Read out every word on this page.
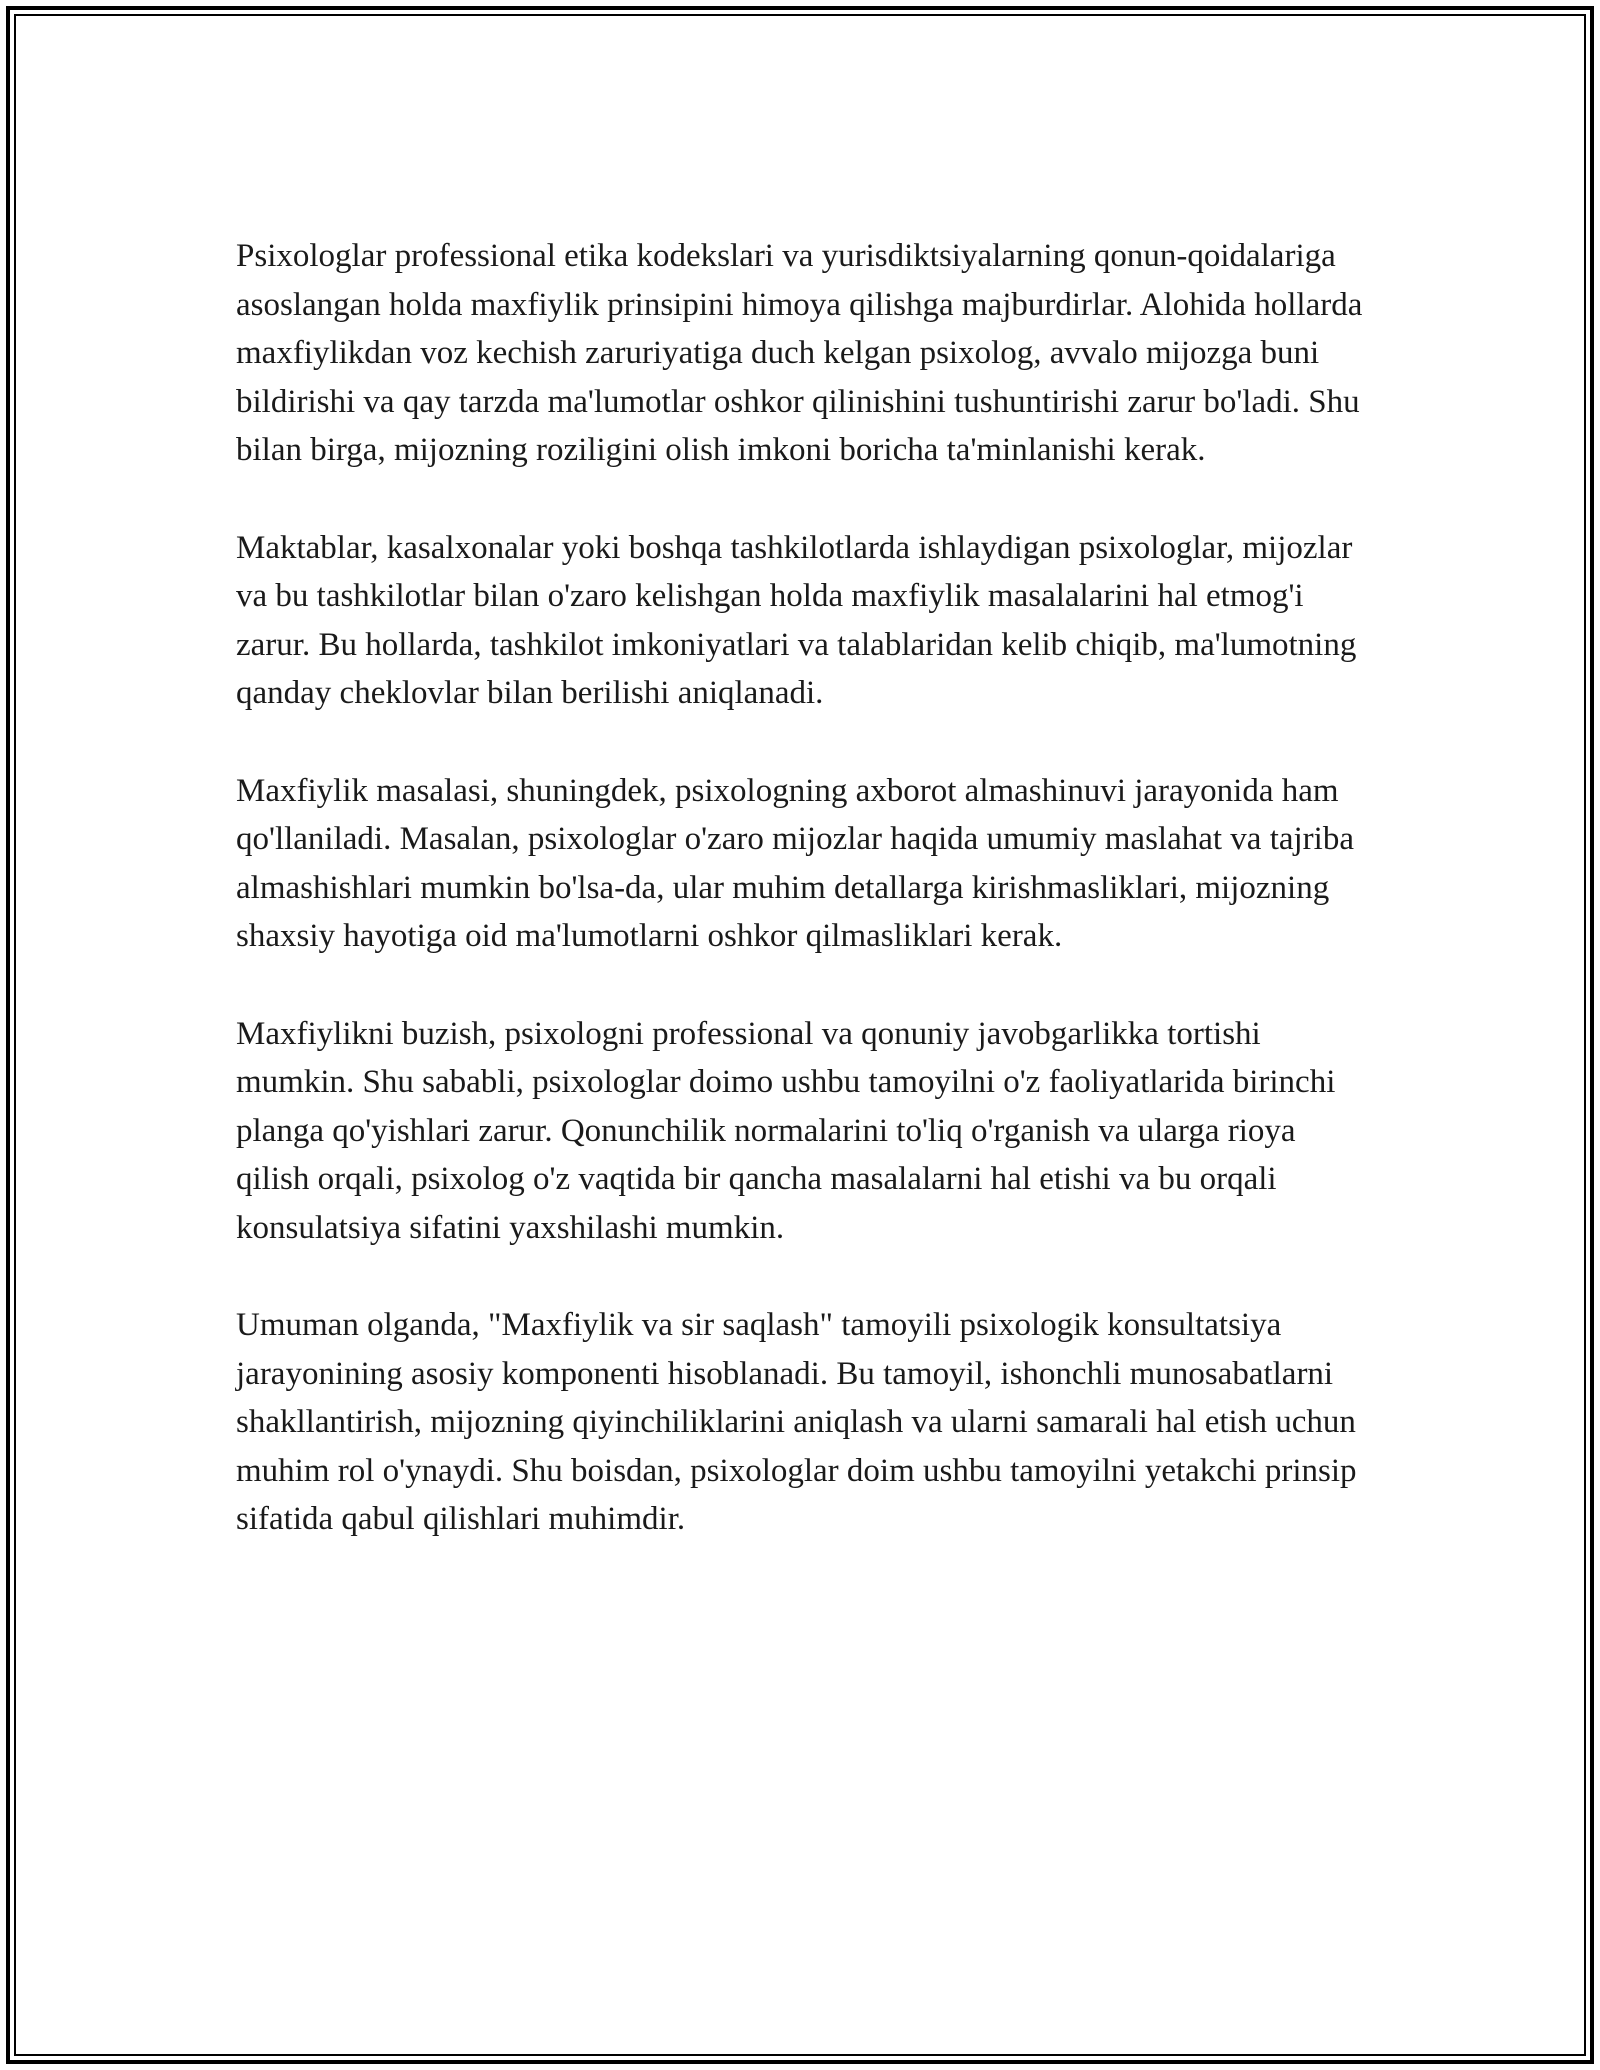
Psixologlar professional etika kodekslari va yurisdiktsiyalarning qonun-qoidalariga asoslangan holda maxfiylik prinsipini himoya qilishga majburdirlar. Alohida hollarda maxfiylikdan voz kechish zaruriyatiga duch kelgan psixolog, avvalo mijozga buni bildirishi va qay tarzda ma'lumotlar oshkor qilinishini tushuntirishi zarur bo'ladi. Shu bilan birga, mijozning roziligini olish imkoni boricha ta'minlanishi kerak.

Maktablar, kasalxonalar yoki boshqa tashkilotlarda ishlaydigan psixologlar, mijozlar va bu tashkilotlar bilan o'zaro kelishgan holda maxfiylik masalalarini hal etmog'i zarur. Bu hollarda, tashkilot imkoniyatlari va talablaridan kelib chiqib, ma'lumotning qanday cheklovlar bilan berilishi aniqlanadi.

Maxfiylik masalasi, shuningdek, psixologning axborot almashinuvi jarayonida ham qo'llaniladi. Masalan, psixologlar o'zaro mijozlar haqida umumiy maslahat va tajriba almashishlari mumkin bo'lsa-da, ular muhim detallarga kirishmasliklari, mijozning shaxsiy hayotiga oid ma'lumotlarni oshkor qilmasliklari kerak.

Maxfiylikni buzish, psixologni professional va qonuniy javobgarlikka tortishi mumkin. Shu sababli, psixologlar doimo ushbu tamoyilni o'z faoliyatlarida birinchi planga qo'yishlari zarur. Qonunchilik normalarini to'liq o'rganish va ularga rioya qilish orqali, psixolog o'z vaqtida bir qancha masalalarni hal etishi va bu orqali konsulatsiya sifatini yaxshilashi mumkin.

Umuman olganda, "Maxfiylik va sir saqlash" tamoyili psixologik konsultatsiya jarayonining asosiy komponenti hisoblanadi. Bu tamoyil, ishonchli munosabatlarni shakllantirish, mijozning qiyinchiliklarini aniqlash va ularni samarali hal etish uchun muhim rol o'ynaydi. Shu boisdan, psixologlar doim ushbu tamoyilni yetakchi prinsip sifatida qabul qilishlari muhimdir.
